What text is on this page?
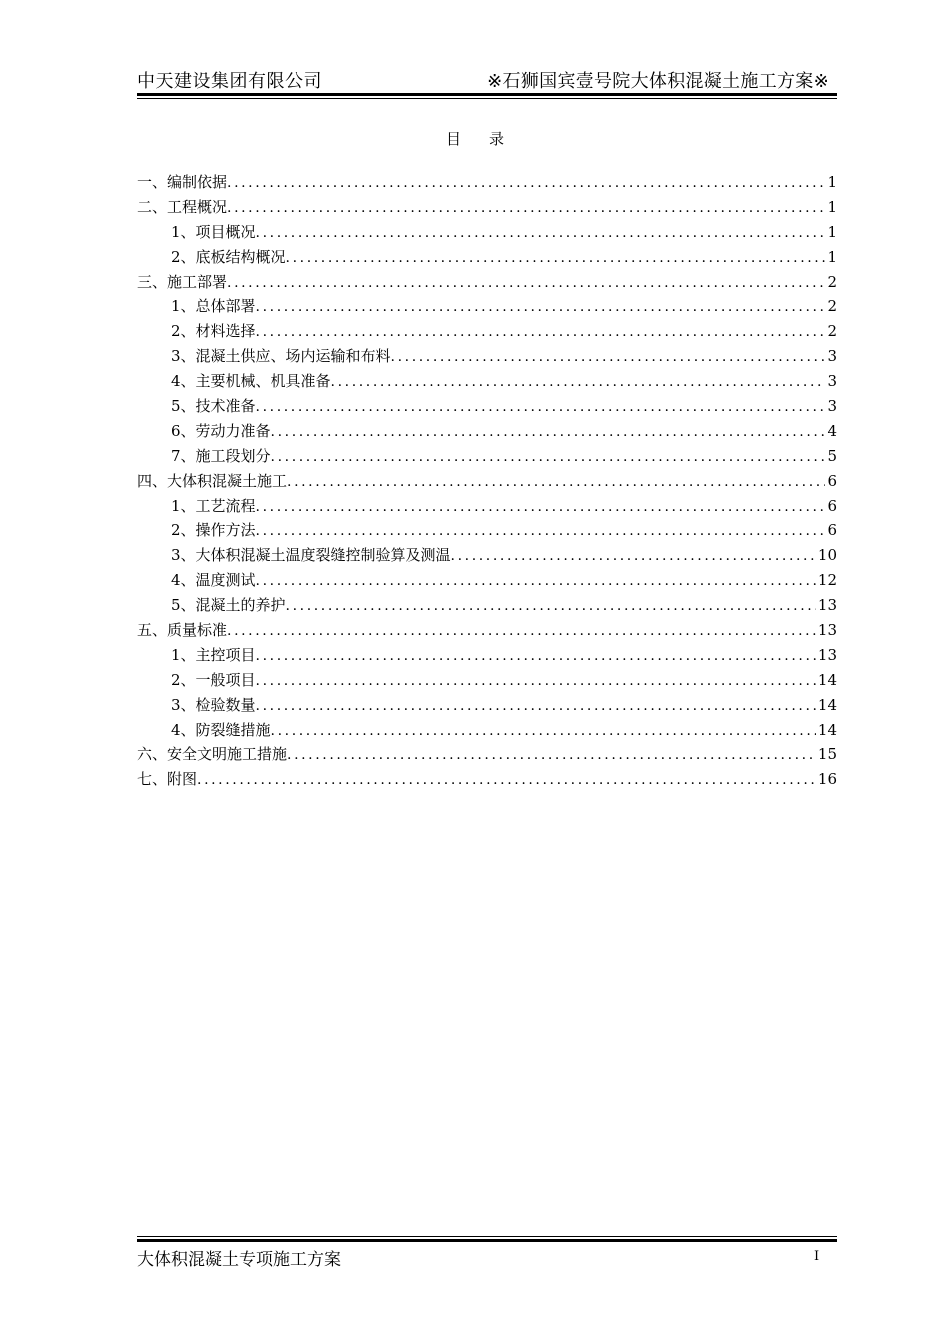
中天建设集团有限公司	※石狮国宾壹号院大体积混凝土施工方案※
目 录
一、编制依据 .....	1
二、工程概况 .....	1
1、项目概况 .....	1
2、底板结构概况 .....	1
三、施工部署 .....	2
1、总体部署 .....	2
2、材料选择 .....	2
3、混凝土供应、场内运输和布料 .....	3
4、主要机械、机具准备 .....	3
5、技术准备 .....	3
6、劳动力准备 .....	4
7、施工段划分 .....	5
四、大体积混凝土施工 .....	6
1、工艺流程 .....	6
2、操作方法 .....	6
3、大体积混凝土温度裂缝控制验算及测温 .....	10
4、温度测试 .....	12
5、混凝土的养护 .....	13
五、质量标准 .....	13
1、主控项目 .....	13
2、一般项目 .....	14
3、检验数量 .....	14
4、防裂缝措施 .....	14
六、安全文明施工措施 .....	15
七、附图 .....	16
大体积混凝土专项施工方案	I
